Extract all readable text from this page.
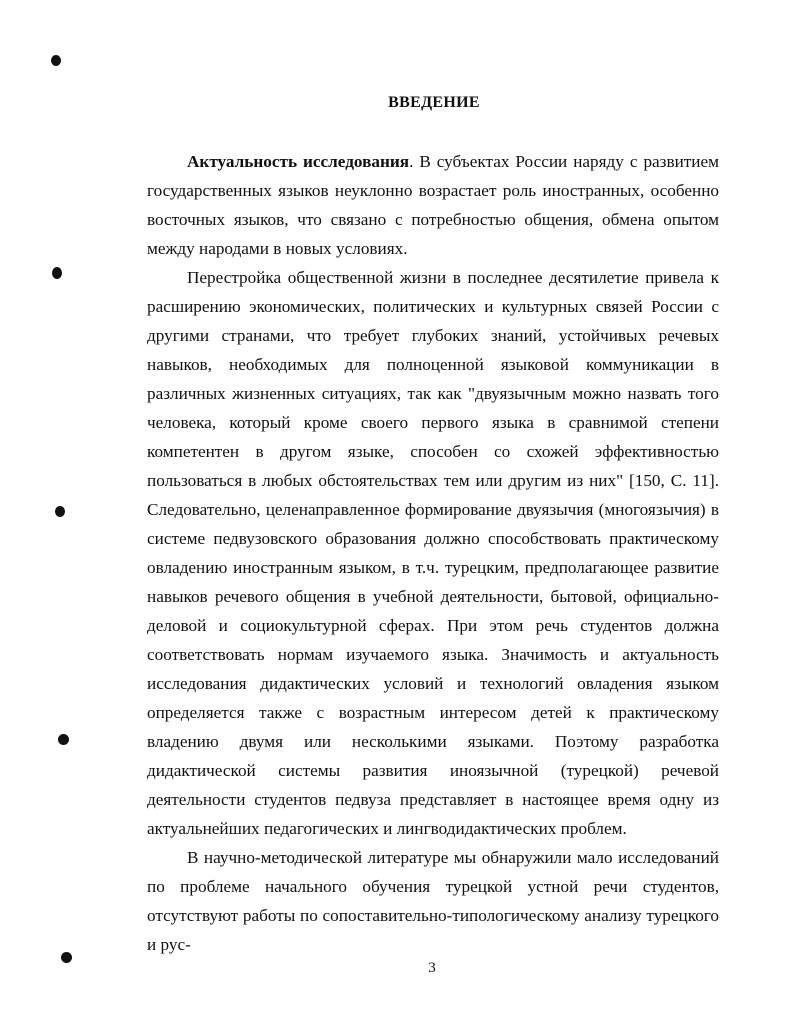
ВВЕДЕНИЕ

Актуальность исследования. В субъектах России наряду с развитием государственных языков неуклонно возрастает роль иностранных, особенно восточных языков, что связано с потребностью общения, обмена опытом между народами в новых условиях.

Перестройка общественной жизни в последнее десятилетие привела к расширению экономических, политических и культурных связей России с другими странами, что требует глубоких знаний, устойчивых речевых навыков, необходимых для полноценной языковой коммуникации в различных жизненных ситуациях, так как "двуязычным можно назвать того человека, который кроме своего первого языка в сравнимой степени компетентен в другом языке, способен со схожей эффективностью пользоваться в любых обстоятельствах тем или другим из них" [150, С. 11]. Следовательно, целенаправленное формирование двуязычия (многоязычия) в системе педвузовского образования должно способствовать практическому овладению иностранным языком, в т.ч. турецким, предполагающее развитие навыков речевого общения в учебной деятельности, бытовой, официально-деловой и социокультурной сферах. При этом речь студентов должна соответствовать нормам изучаемого языка. Значимость и актуальность исследования дидактических условий и технологий овладения языком определяется также с возрастным интересом детей к практическому владению двумя или несколькими языками. Поэтому разработка дидактической системы развития иноязычной (турецкой) речевой деятельности студентов педвуза представляет в настоящее время одну из актуальнейших педагогических и лингводидактических проблем.

В научно-методической литературе мы обнаружили мало исследований по проблеме начального обучения турецкой устной речи студентов, отсутствуют работы по сопоставительно-типологическому анализу турецкого и рус-

3
